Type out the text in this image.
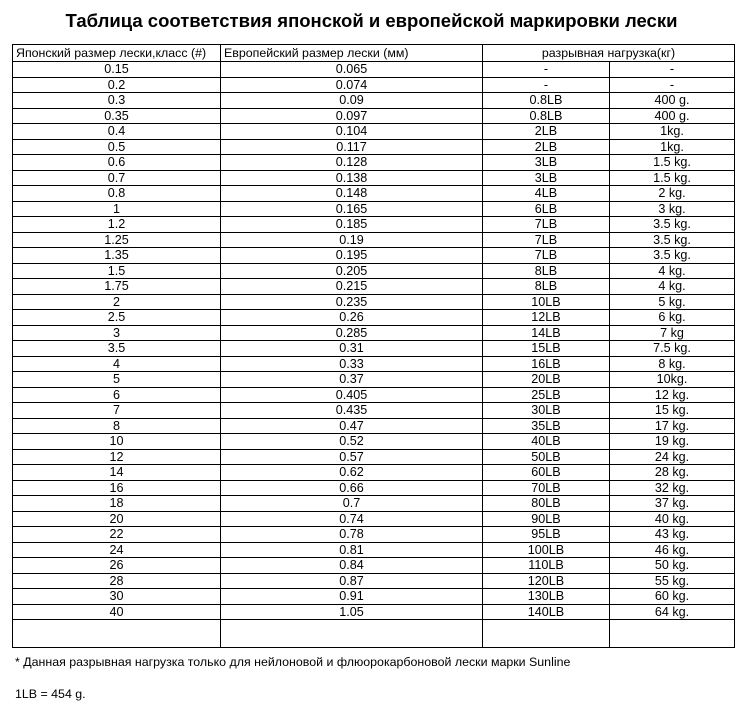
Таблица соответствия японской и европейской маркировки лески
Японский размер лески,класс (#)	Европейский размер лески (мм)	разрывная нагрузка(кг)	
0.15	0.065	-	-
0.2	0.074	-	-
0.3	0.09	0.8LB	400 g.
0.35	0.097	0.8LB	400 g.
0.4	0.104	2LB	1kg.
0.5	0.117	2LB	1kg.
0.6	0.128	3LB	1.5 kg.
0.7	0.138	3LB	1.5 kg.
0.8	0.148	4LB	2 kg.
1	0.165	6LB	3 kg.
1.2	0.185	7LB	3.5 kg.
1.25	0.19	7LB	3.5 kg.
1.35	0.195	7LB	3.5 kg.
1.5	0.205	8LB	4 kg.
1.75	0.215	8LB	4 kg.
2	0.235	10LB	5 kg.
2.5	0.26	12LB	6 kg.
3	0.285	14LB	7 kg
3.5	0.31	15LB	7.5 kg.
4	0.33	16LB	8 kg.
5	0.37	20LB	10kg.
6	0.405	25LB	12 kg.
7	0.435	30LB	15 kg.
8	0.47	35LB	17 kg.
10	0.52	40LB	19 kg.
12	0.57	50LB	24 kg.
14	0.62	60LB	28 kg.
16	0.66	70LB	32 kg.
18	0.7	80LB	37 kg.
20	0.74	90LB	40 kg.
22	0.78	95LB	43 kg.
24	0.81	100LB	46 kg.
26	0.84	110LB	50 kg.
28	0.87	120LB	55 kg.
30	0.91	130LB	60 kg.
40	1.05	140LB	64 kg.

* Данная разрывная нагрузка только для нейлоновой и флюорокарбоновой лески марки Sunline
1LB = 454 g.
